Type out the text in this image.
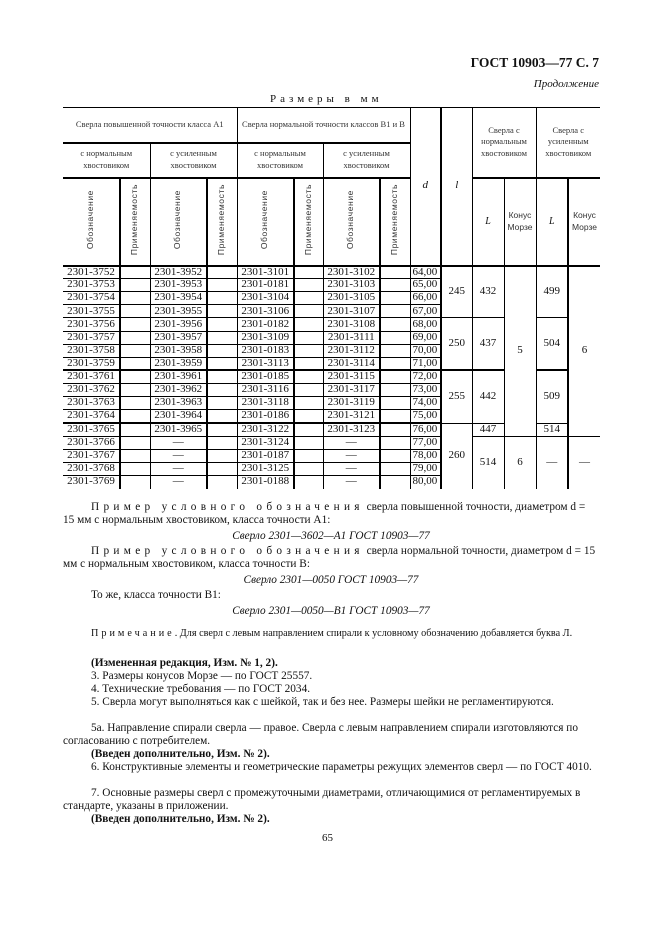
ГОСТ 10903—77 С. 7
Продолжение
Размеры в мм
Сверла повышенной точности класса А1				Сверла нормальной точности классов В1 и В				d	l	Сверла с нормальным хвостовиком		Сверла с усиленным хвостовиком	
с нормальным хвостовиком		с усиленным хвостовиком		с нормальным хвостовиком		с усиленным хвостовиком							
Обозначение	Применяемость	Обозначение	Применяемость	Обозначение	Применяемость	Обозначение	Применяемость			L	Конус Морзе	L	Конус Морзе
2301-3752		2301-3952		2301-3101		2301-3102		64,00	245	432	5	499	6
2301-3753		2301-3953		2301-0181		2301-3103		65,00					
2301-3754		2301-3954		2301-3104		2301-3105		66,00					
2301-3755		2301-3955		2301-3106		2301-3107		67,00					
2301-3756		2301-3956		2301-0182		2301-3108		68,00	250	437		504	
2301-3757		2301-3957		2301-3109		2301-3111		69,00					
2301-3758		2301-3958		2301-0183		2301-3112		70,00					
2301-3759		2301-3959		2301-3113		2301-3114		71,00					
2301-3761		2301-3961		2301-0185		2301-3115		72,00	255	442		509	
2301-3762		2301-3962		2301-3116		2301-3117		73,00					
2301-3763		2301-3963		2301-3118		2301-3119		74,00					
2301-3764		2301-3964		2301-0186		2301-3121		75,00					
2301-3765		2301-3965		2301-3122		2301-3123		76,00	260	447		514	
2301-3766		—		2301-3124		—		77,00		514	6	—	—
2301-3767		—		2301-0187		—		78,00					
2301-3768		—		2301-3125		—		79,00					
2301-3769		—		2301-0188		—		80,00					
Пример условного обозначения сверла повышенной точности, диаметром d = 15 мм с нормальным хвостовиком, класса точности А1:
Сверло 2301—3602—А1 ГОСТ 10903—77
Пример условного обозначения сверла нормальной точности, диаметром d = 15 мм с нормальным хвостовиком, класса точности В:
Сверло 2301—0050 ГОСТ 10903—77
То же, класса точности В1:
Сверло 2301—0050—В1 ГОСТ 10903—77
Примечание. Для сверл с левым направлением спирали к условному обозначению добавляется буква Л.
(Измененная редакция, Изм. № 1, 2).
3. Размеры конусов Морзе — по ГОСТ 25557.
4. Технические требования — по ГОСТ 2034.
5. Сверла могут выполняться как с шейкой, так и без нее. Размеры шейки не регламентируются.
5а. Направление спирали сверла — правое. Сверла с левым направлением спирали изготовляются по согласованию с потребителем.
(Введен дополнительно, Изм. № 2).
6. Конструктивные элементы и геометрические параметры режущих элементов сверл — по ГОСТ 4010.
7. Основные размеры сверл с промежуточными диаметрами, отличающимися от регламентируемых в стандарте, указаны в приложении.
(Введен дополнительно, Изм. № 2).
65
